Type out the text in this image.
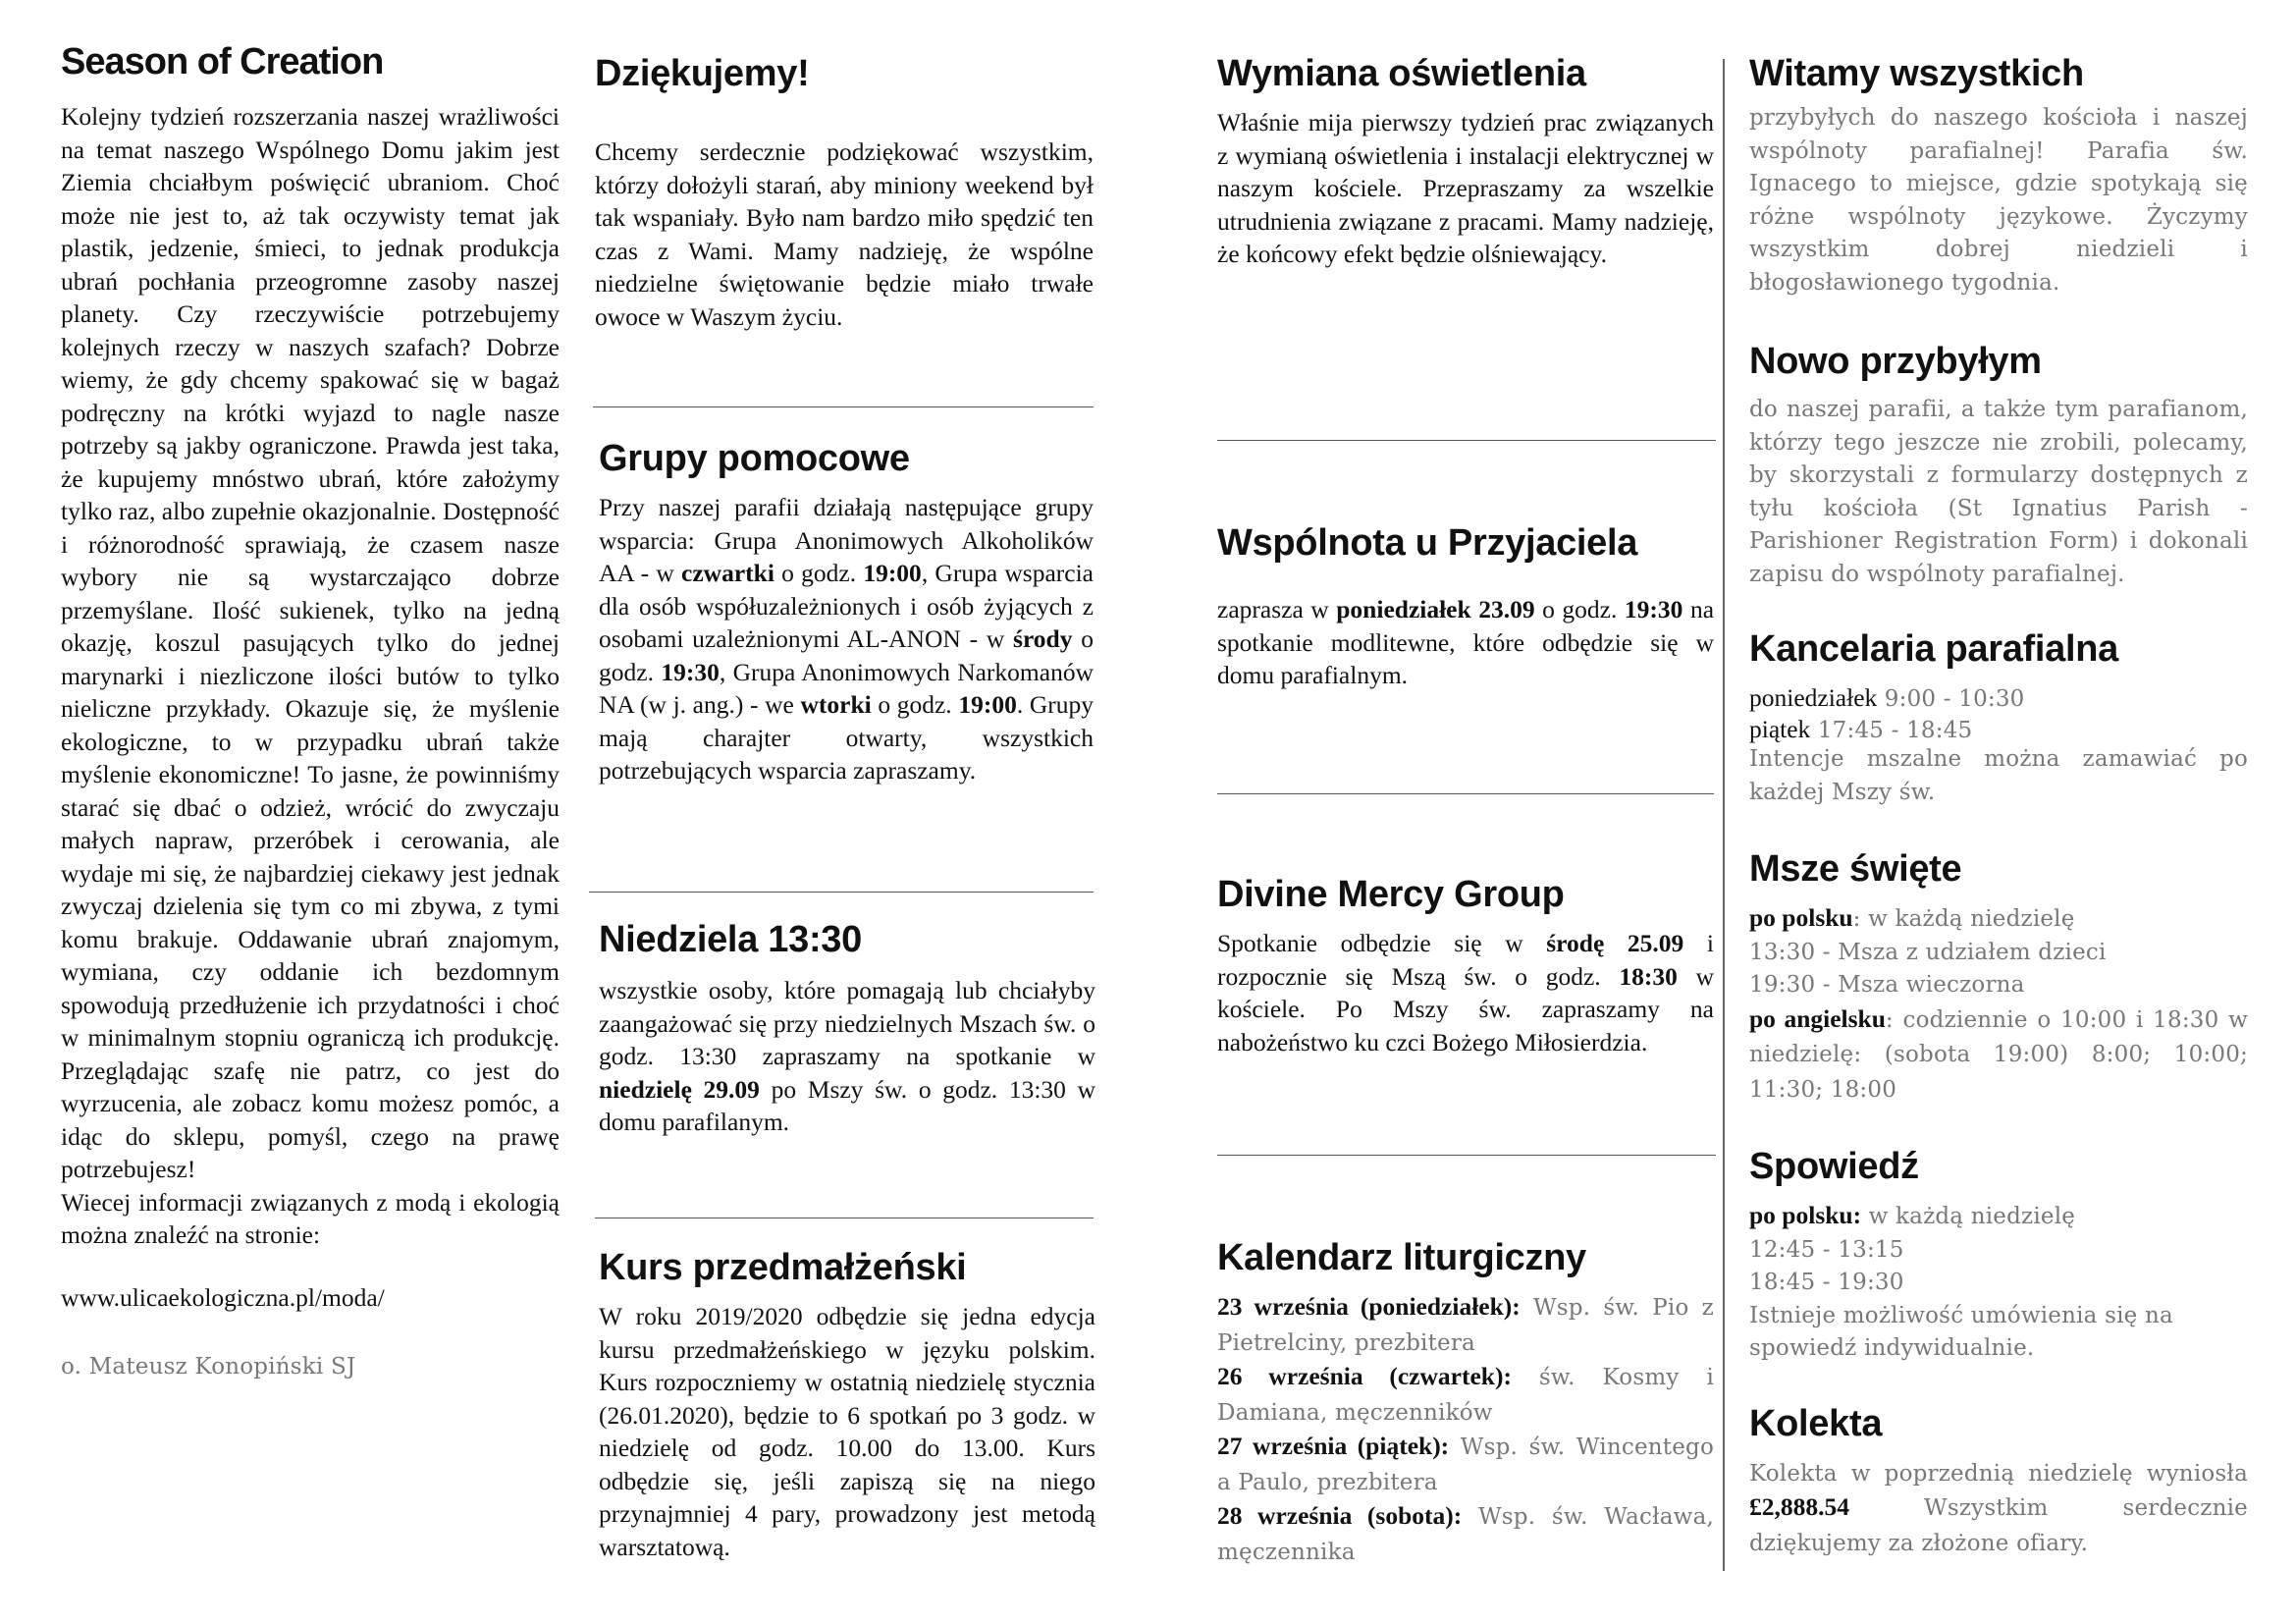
Season of Creation

Kolejny tydzień rozszerzania naszej wrażliwości na temat naszego Wspólnego Domu jakim jest Ziemia chciałbym poświęcić ubraniom. Choć może nie jest to, aż tak oczywisty temat jak plastik, jedzenie, śmieci, to jednak produkcja ubrań pochłania przeogromne zasoby naszej planety. Czy rzeczywiście potrzebujemy kolejnych rzeczy w naszych szafach? Dobrze wiemy, że gdy chcemy spakować się w bagaż podręczny na krótki wyjazd to nagle nasze potrzeby są jakby ograniczone. Prawda jest taka, że kupujemy mnóstwo ubrań, które założymy tylko raz, albo zupełnie okazjonalnie. Dostępność i różnorodność sprawiają, że czasem nasze wybory nie są wystarczająco dobrze przemyślane. Ilość sukienek, tylko na jedną okazję, koszul pasujących tylko do jednej marynarki i niezliczone ilości butów to tylko nieliczne przykłady. Okazuje się, że myślenie ekologiczne, to w przypadku ubrań także myślenie ekonomiczne! To jasne, że powinniśmy starać się dbać o odzież, wrócić do zwyczaju małych napraw, przeróbek i cerowania, ale wydaje mi się, że najbardziej ciekawy jest jednak zwyczaj dzielenia się tym co mi zbywa, z tymi komu brakuje. Oddawanie ubrań znajomym, wymiana, czy oddanie ich bezdomnym spowodują przedłużenie ich przydatności i choć w minimalnym stopniu ograniczą ich produkcję. Przeglądając szafę nie patrz, co jest do wyrzucenia, ale zobacz komu możesz pomóc, a idąc do sklepu, pomyśl, czego na prawę potrzebujesz!

Wiecej informacji związanych z modą i ekologią można znaleźć na stronie:

www.ulicaekologiczna.pl/moda/

o. Mateusz Konopiński SJ

Dziękujemy!

Chcemy serdecznie podziękować wszystkim, którzy dołożyli starań, aby miniony weekend był tak wspaniały. Było nam bardzo miło spędzić ten czas z Wami. Mamy nadzieję, że wspólne niedzielne świętowanie będzie miało trwałe owoce w Waszym życiu.

Grupy pomocowe

Przy naszej parafii działają następujące grupy wsparcia: Grupa Anonimowych Alkoholików AA - w czwartki o godz. 19:00, Grupa wsparcia dla osób współuzależnionych i osób żyjących z osobami uzależnionymi AL-ANON - w środy o godz. 19:30, Grupa Anonimowych Narkomanów NA (w j. ang.) - we wtorki o godz. 19:00. Grupy mają charajter otwarty, wszystkich potrzebujących wsparcia zapraszamy.

Niedziela 13:30

wszystkie osoby, które pomagają lub chciałyby zaangażować się przy niedzielnych Mszach św. o godz. 13:30 zapraszamy na spotkanie w niedzielę 29.09 po Mszy św. o godz. 13:30 w domu parafilanym.

Kurs przedmałżeński

W roku 2019/2020 odbędzie się jedna edycja kursu przedmałżeńskiego w języku polskim. Kurs rozpoczniemy w ostatnią niedzielę stycznia (26.01.2020), będzie to 6 spotkań po 3 godz. w niedzielę od godz. 10.00 do 13.00. Kurs odbędzie się, jeśli zapiszą się na niego przynajmniej 4 pary, prowadzony jest metodą warsztatową.

Wymiana oświetlenia

Właśnie mija pierwszy tydzień prac związanych z wymianą oświetlenia i instalacji elektrycznej w naszym kościele. Przepraszamy za wszelkie utrudnienia związane z pracami. Mamy nadzieję, że końcowy efekt będzie olśniewający.

Wspólnota u Przyjaciela

zaprasza w poniedziałek 23.09 o godz. 19:30 na spotkanie modlitewne, które odbędzie się w domu parafialnym.

Divine Mercy Group

Spotkanie odbędzie się w środę 25.09 i rozpocznie się Mszą św. o godz. 18:30 w kościele. Po Mszy św. zapraszamy na nabożeństwo ku czci Bożego Miłosierdzia.

Kalendarz liturgiczny

23 września (poniedziałek): Wsp. św. Pio z Pietrelciny, prezbitera

26 września (czwartek): św. Kosmy i Damiana, męczenników

27 września (piątek): Wsp. św. Wincentego a Paulo, prezbitera

28 września (sobota): Wsp. św. Wacława, męczennika

Witamy wszystkich

przybyłych do naszego kościoła i naszej wspólnoty parafialnej! Parafia św. Ignacego to miejsce, gdzie spotykają się różne wspólnoty językowe. Życzymy wszystkim dobrej niedzieli i błogosławionego tygodnia.

Nowo przybyłym

do naszej parafii, a także tym parafianom, którzy tego jeszcze nie zrobili, polecamy, by skorzystali z formularzy dostępnych z tyłu kościoła (St Ignatius Parish - Parishioner Registration Form) i dokonali zapisu do wspólnoty parafialnej.

Kancelaria parafialna

poniedziałek 9:00 - 10:30

piątek 17:45 - 18:45

Intencje mszalne można zamawiać po każdej Mszy św.

Msze święte

po polsku: w każdą niedzielę

13:30 - Msza z udziałem dzieci

19:30 - Msza wieczorna

po angielsku: codziennie o 10:00 i 18:30 w niedzielę: (sobota 19:00) 8:00; 10:00; 11:30; 18:00

Spowiedź

po polsku: w każdą niedzielę

12:45 - 13:15

18:45 - 19:30

Istnieje możliwość umówienia się na spowiedź indywidualnie.

Kolekta

Kolekta w poprzednią niedzielę wyniosła £2,888.54 Wszystkim serdecznie dziękujemy za złożone ofiary.
